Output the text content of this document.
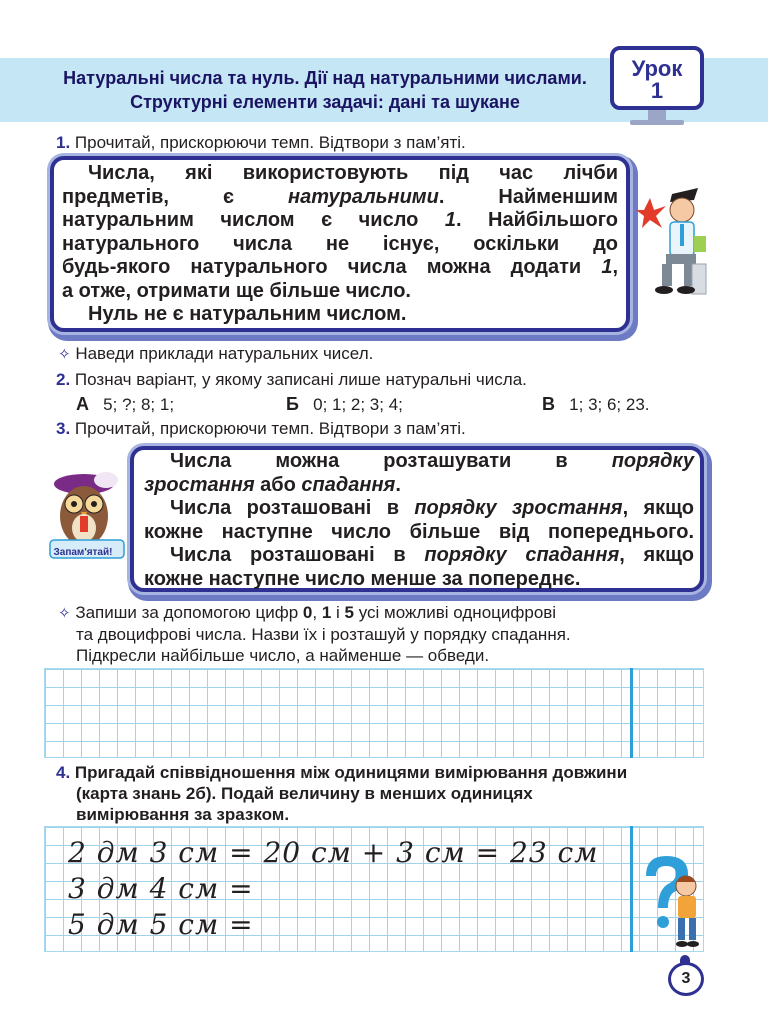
Натуральні числа та нуль. Дії над натуральними числами.
Структурні елементи задачі: дані та шукане
Урок
1
1. Прочитай, прискорюючи темп. Відтвори з пам’яті.

Числа, які використовують під час лічби

предметів, є натуральними. Найменшим

натуральним числом є число 1. Найбільшого

натурального числа не існує, оскільки до

будь-якого натурального числа можна додати 1,

а отже, отримати ще більше число.

Нуль не є натуральним числом.

✧ Наведи приклади натуральних чисел.
2. Познач варіант, у якому записані лише натуральні числа.
А 5; ?; 8; 1;	Б 0; 1; 2; 3; 4;	В 1; 3; 6; 23.
3. Прочитай, прискорюючи темп. Відтвори з пам’яті.

Числа можна розташувати в порядку

зростання або спадання.

Числа розташовані в порядку зростання, якщо

кожне наступне число більше від попереднього.

Числа розташовані в порядку спадання, якщо

кожне наступне число менше за попереднє.

Запам'ятай!
✧ Запиши за допомогою цифр 0, 1 і 5 усі можливі одноцифрові
та двоцифрові числа. Назви їх і розташуй у порядку спадання.
Підкресли найбільше число, а найменше — обведи.
4. Пригадай співвідношення між одиницями вимірювання довжини
(карта знань 2б). Подай величину в менших одиницях
вимірювання за зразком.
2 дм 3 см = 20 см + 3 см = 23 см
3 дм 4 см =
5 дм 5 см =
3
